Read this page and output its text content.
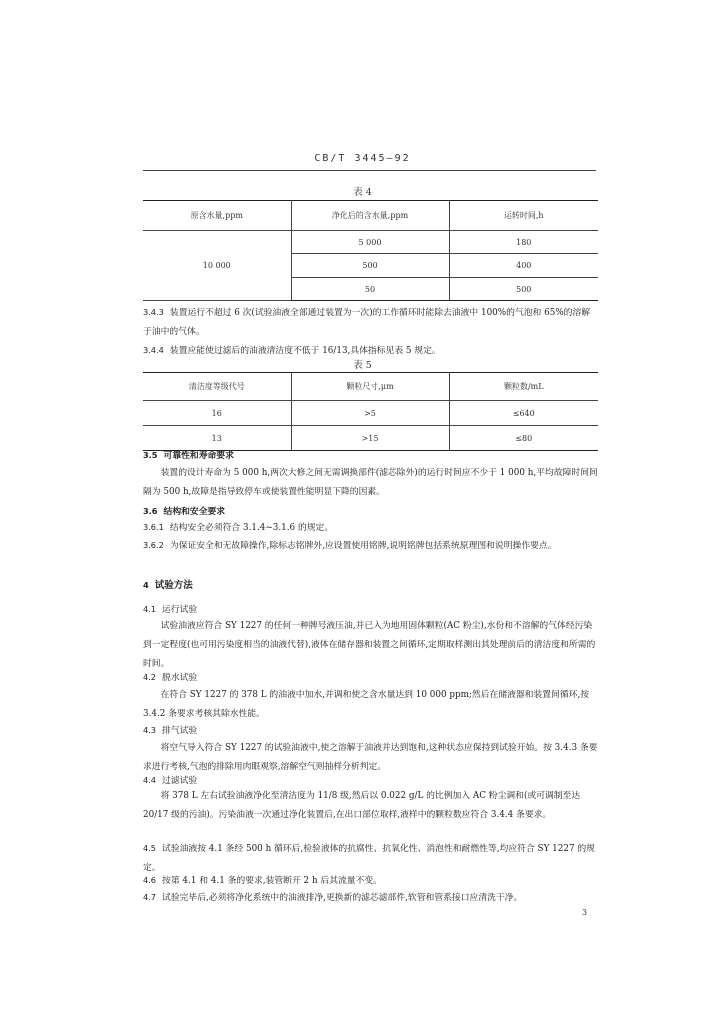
CB/T 3445—92
表 4
原含水量,ppm	净化后的含水量,ppm	运转时间,h
10 000	5 000	180
	500	400
	50	500

3.4.3 装置运行不超过 6 次(试验油液全部通过装置为一次)的工作循环时能除去油液中 100%的气泡和 65%的溶解于油中的气体。

3.4.4 装置应能使过滤后的油液清洁度不低于 16/13,具体指标见表 5 规定。

表 5
清洁度等级代号	颗粒尺寸,μm	颗粒数/mL
16	>5	≤640
13	>15	≤80

3.5 可靠性和寿命要求

装置的设计寿命为 5 000 h,两次大修之间无需调换部件(滤芯除外)的运行时间应不少于 1 000 h,平均故障时间间隔为 500 h,故障是指导致停车或使装置性能明显下降的因素。

3.6 结构和安全要求

3.6.1 结构安全必须符合 3.1.4~3.1.6 的规定。

3.6.2 为保证安全和无故障操作,除标志铭牌外,应设置使用铭牌,说明铭牌包括系统原理图和说明操作要点。

4 试验方法

4.1 运行试验

试验油液应符合 SY 1227 的任何一种牌号液压油,并已入为地用固体颗粒(AC 粉尘),水份和不溶解的气体经污染到一定程度(也可用污染度相当的油液代替),液体在储存器和装置之间循环,定期取样测出其处理前后的清洁度和所需的时间。

4.2 脱水试验

在符合 SY 1227 的 378 L 的油液中加水,并调和使之含水量达到 10 000 ppm;然后在储液器和装置间循环,按 3.4.2 条要求考核其除水性能。

4.3 排气试验

将空气导入符合 SY 1227 的试验油液中,使之溶解于油液并达到饱和,这种状态应保持到试验开始。按 3.4.3 条要求进行考核,气泡的排除用肉眼观察,溶解空气则抽样分析判定。

4.4 过滤试验

将 378 L 左右试验油液净化至清洁度为 11/8 级,然后以 0.022 g/L 的比例加入 AC 粉尘调和(或可调制至达 20/17 级的污油)。污染油液一次通过净化装置后,在出口部位取样,液样中的颗粒数应符合 3.4.4 条要求。

4.5 试验油液按 4.1 条经 500 h 循环后,检验液体的抗腐性、抗氧化性、消泡性和耐燃性等,均应符合 SY 1227 的规定。

4.6 按第 4.1 和 4.1 条的要求,装管断开 2 h 后其流量不变。

4.7 试验完毕后,必须将净化系统中的油液排净,更换新的滤芯滤部件,软管和管系接口应清洗干净。

3
